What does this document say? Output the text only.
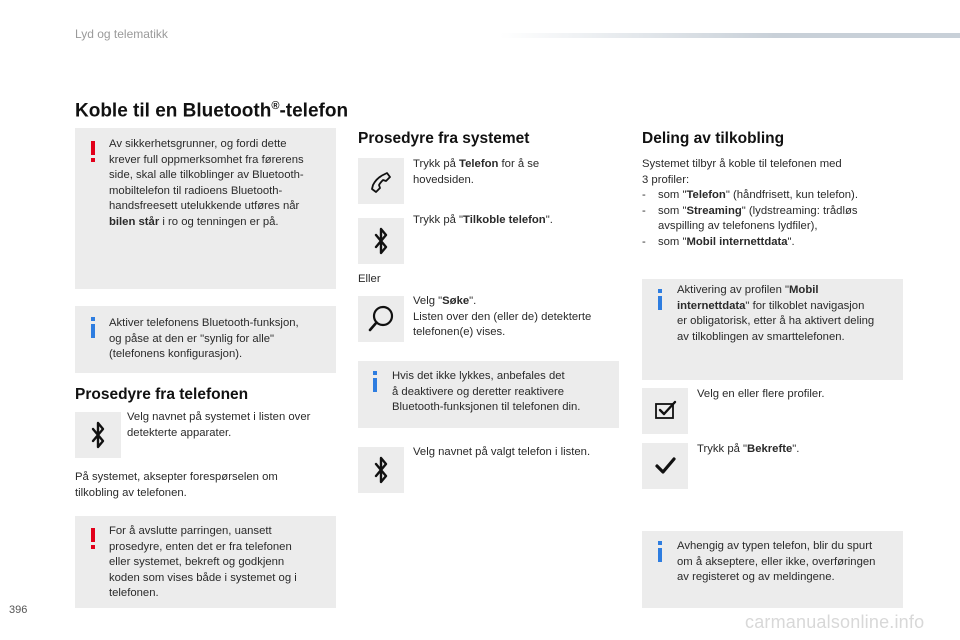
Lyd og telematikk
Koble til en Bluetooth®-telefon
Av sikkerhetsgrunner, og fordi dette
krever full oppmerksomhet fra førerens
side, skal alle tilkoblinger av Bluetooth-
mobiltelefon til radioens Bluetooth-
handsfreesett utelukkende utføres når
bilen står i ro og tenningen er på.
Aktiver telefonens Bluetooth-funksjon,
og påse at den er "synlig for alle"
(telefonens konfigurasjon).
Prosedyre fra telefonen
Velg navnet på systemet i listen over
detekterte apparater.
På systemet, aksepter forespørselen om
tilkobling av telefonen.
For å avslutte parringen, uansett
prosedyre, enten det er fra telefonen
eller systemet, bekreft og godkjenn
koden som vises både i systemet og i
telefonen.
Prosedyre fra systemet
Trykk på Telefon for å se
hovedsiden.
Trykk på "Tilkoble telefon".
Eller
Velg "Søke".
Listen over den (eller de) detekterte
telefonen(e) vises.
Hvis det ikke lykkes, anbefales det
å deaktivere og deretter reaktivere
Bluetooth-funksjonen til telefonen din.
Velg navnet på valgt telefon i listen.
Deling av tilkobling
Systemet tilbyr å koble til telefonen med
3 profiler:
- som "Telefon" (håndfrisett, kun telefon).
- som "Streaming" (lydstreaming: trådløs
avspilling av telefonens lydfiler),
- som "Mobil internettdata".
Aktivering av profilen "Mobil
internettdata" for tilkoblet navigasjon
er obligatorisk, etter å ha aktivert deling
av tilkoblingen av smarttelefonen.
Velg en eller flere profiler.
Trykk på "Bekrefte".
Avhengig av typen telefon, blir du spurt
om å akseptere, eller ikke, overføringen
av registeret og av meldingene.
396
carmanualsonline.info
